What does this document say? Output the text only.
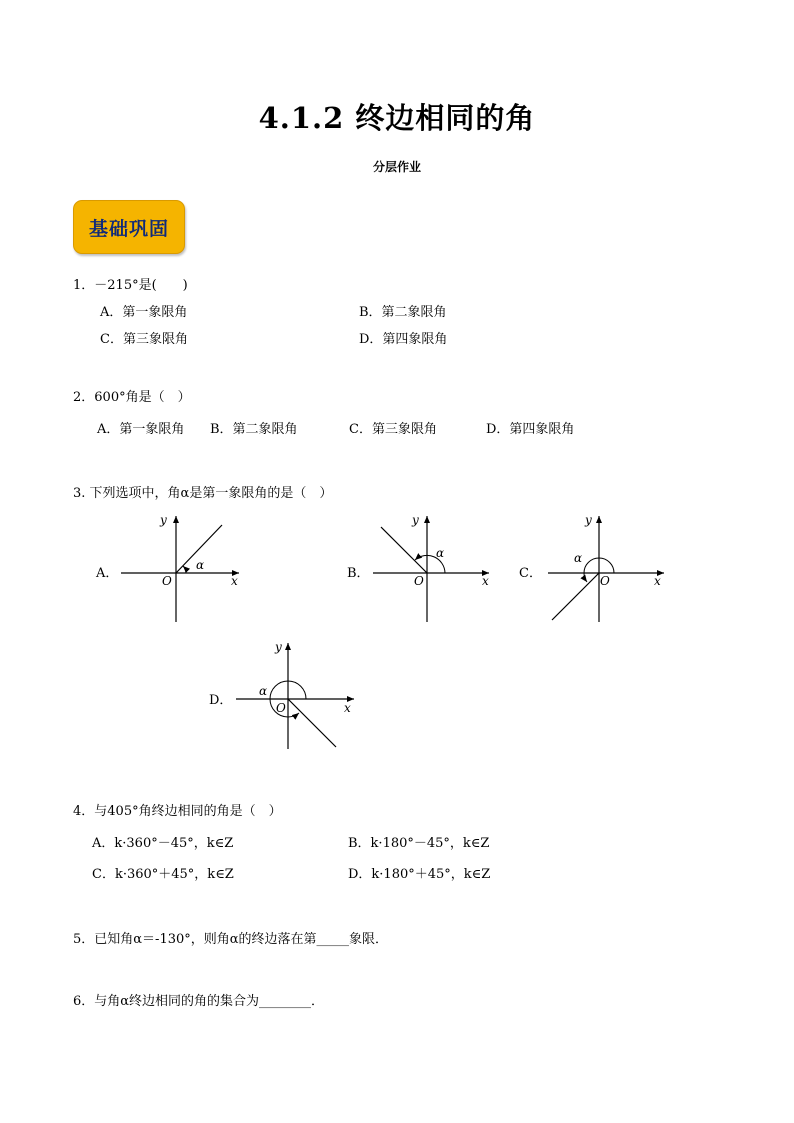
4.1.2 终边相同的角
分层作业
基础巩固
1．－215°是(　　)
A．第一象限角	B．第二象限角
C．第三象限角	D．第四象限角
2．600°角是（　）
A．第一象限角 B．第二象限角	C．第三象限角	D．第四象限角
3. 下列选项中，角α是第一象限角的是（　）
A．
y
x
O
α
B．
y
x
O
α
C．
y
x
O
α
D．
y
x
O
α
4．与405°角终边相同的角是（　）
A．k·360°－45°，k∈Z	B．k·180°－45°，k∈Z
C．k·360°＋45°，k∈Z	D．k·180°＋45°，k∈Z
5．已知角α＝-130°，则角α的终边落在第_____象限．
6．与角α终边相同的角的集合为________．
